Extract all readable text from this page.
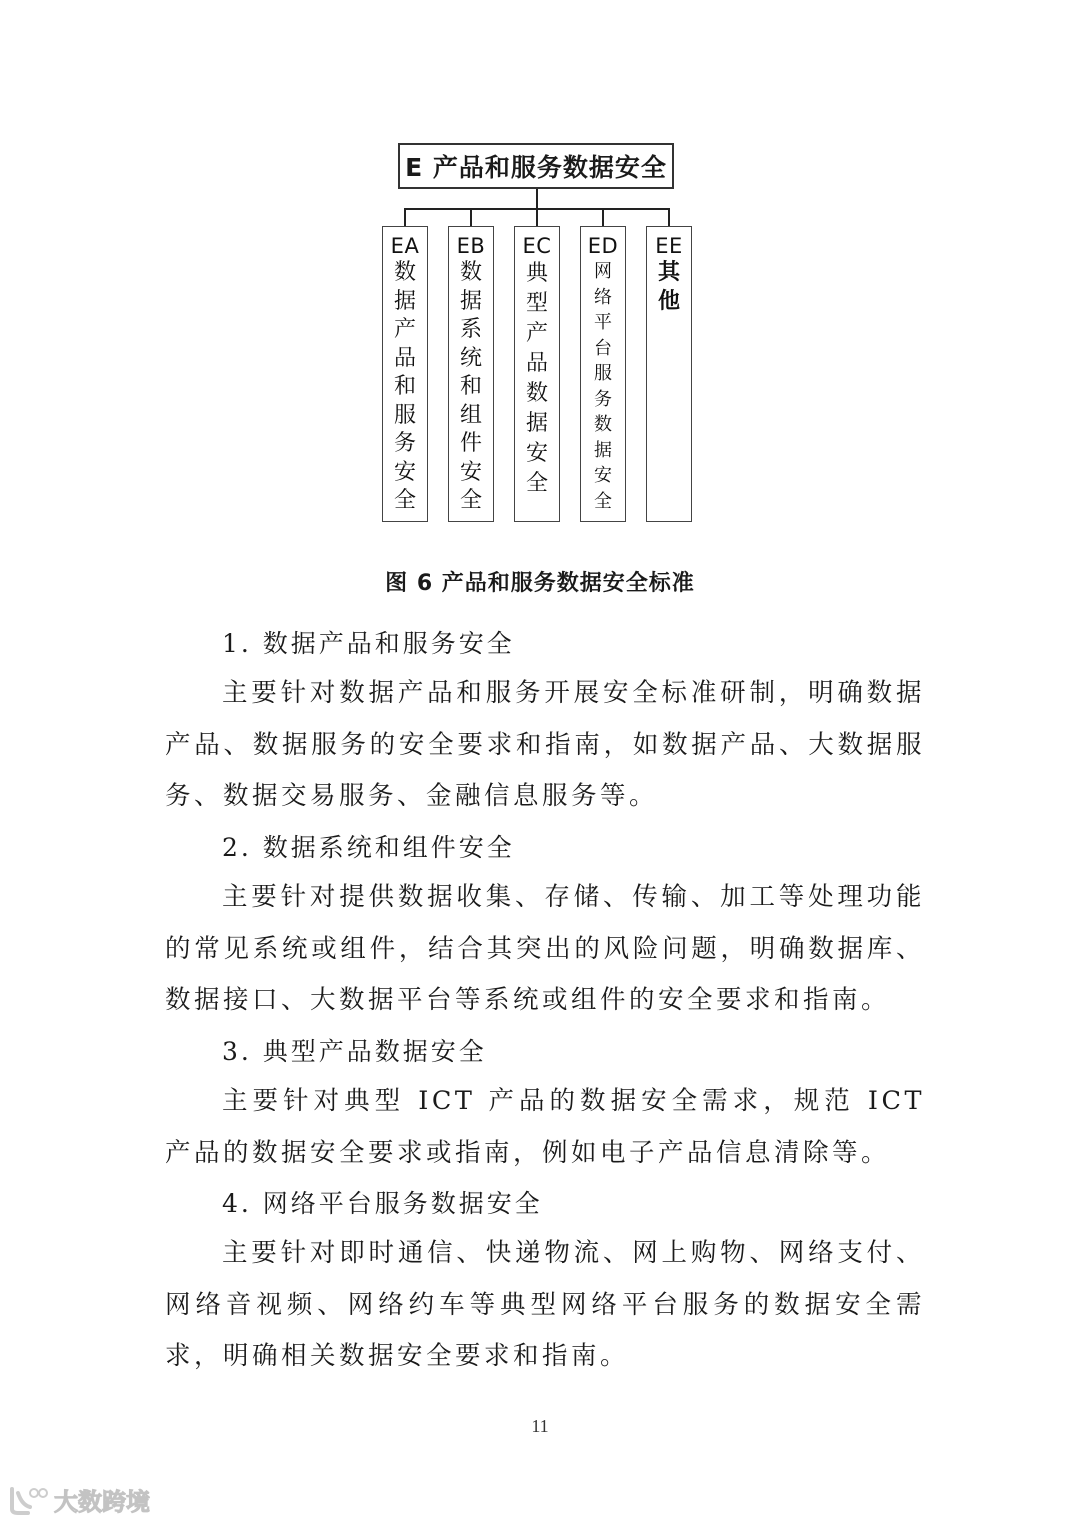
E 产品和服务数据安全
EA
数
据
产
品
和
服
务
安
全
EB
数
据
系
统
和
组
件
安
全
EC
典
型
产
品
数
据
安
全
ED
网
络
平
台
服
务
数
据
安
全
EE
其
他
图 6 产品和服务数据安全标准
1. 数据产品和服务安全
主要针对数据产品和服务开展安全标准研制，明确数据产品、数据服务的安全要求和指南，如数据产品、大数据服务、数据交易服务、金融信息服务等。
2. 数据系统和组件安全
主要针对提供数据收集、存储、传输、加工等处理功能的常见系统或组件，结合其突出的风险问题，明确数据库、数据接口、大数据平台等系统或组件的安全要求和指南。
3. 典型产品数据安全
主要针对典型 ICT 产品的数据安全需求，规范 ICT 产品的数据安全要求或指南，例如电子产品信息清除等。
4. 网络平台服务数据安全
主要针对即时通信、快递物流、网上购物、网络支付、网络音视频、网络约车等典型网络平台服务的数据安全需求，明确相关数据安全要求和指南。
11
大数跨境
